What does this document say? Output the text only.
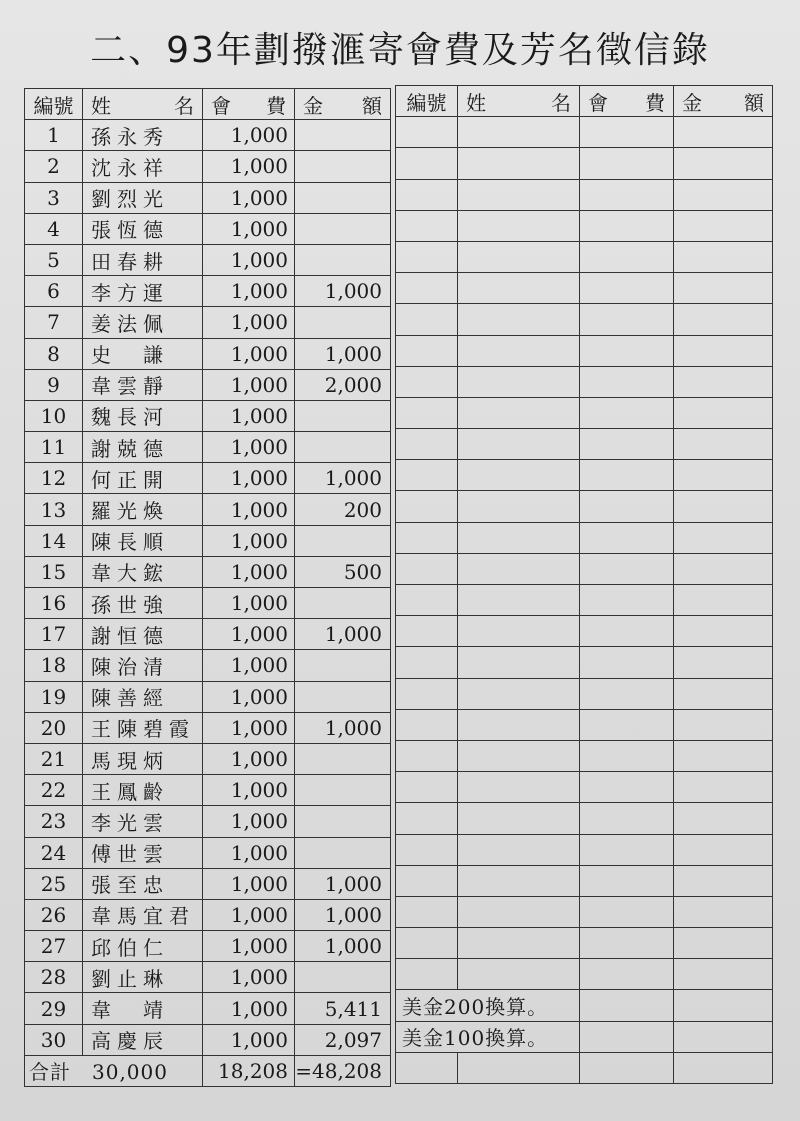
二、93年劃撥滙寄會費及芳名徵信錄
編號	姓　　名	會　費	金　額
1	孫永秀	1,000	
2	沈永祥	1,000	
3	劉烈光	1,000	
4	張恆德	1,000	
5	田春耕	1,000	
6	李方運	1,000	1,000
7	姜法佩	1,000	
8	史　謙	1,000	1,000
9	韋雲靜	1,000	2,000
10	魏長河	1,000	
11	謝兢德	1,000	
12	何正開	1,000	1,000
13	羅光煥	1,000	200
14	陳長順	1,000	
15	韋大鋐	1,000	500
16	孫世強	1,000	
17	謝恒德	1,000	1,000
18	陳治清	1,000	
19	陳善經	1,000	
20	王陳碧霞	1,000	1,000
21	馬現炳	1,000	
22	王鳳齡	1,000	
23	李光雲	1,000	
24	傅世雲	1,000	
25	張至忠	1,000	1,000
26	韋馬宜君	1,000	1,000
27	邱伯仁	1,000	1,000
28	劉止琳	1,000	
29	韋　靖	1,000	5,411
30	高慶辰	1,000	2,097
合計　30,000		18,208	=48,208
編號	姓　　名	會　費	金　額

美金200換算。			
美金100換算。			
